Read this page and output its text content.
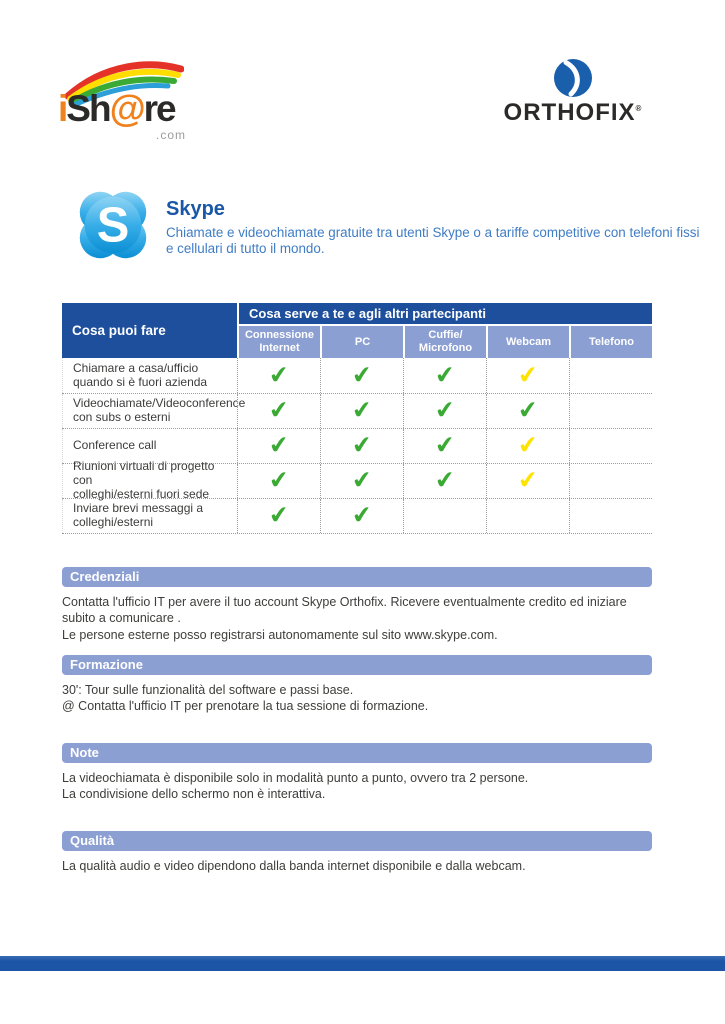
iSh@re
.com
ORTHOFIX®
S Skype
Chiamate e videochiamate gratuite tra utenti Skype o a tariffe competitive con telefoni fissi
e cellulari di tutto il mondo.
Cosa puoi fare
Cosa serve a te e agli altri partecipanti
Connessione
Internet
PC
Cuffie/
Microfono
Webcam	Telefono
Chiamare a casa/ufficio
quando si è fuori azienda
✔
✔
✔
✔
Videochiamate/Videoconference
con subs o esterni
✔
✔
✔
✔
Conference call
✔
✔
✔
✔
Riunioni virtuali di progetto con
colleghi/esterni fuori sede
✔
✔
✔
✔
Inviare brevi messaggi a
colleghi/esterni
✔
✔
Credenziali
Contatta l'ufficio IT per avere il tuo account Skype Orthofix. Ricevere eventualmente credito ed iniziare subito a comunicare .
Le persone esterne posso registrarsi autonomamente sul sito www.skype.com.
Formazione
30': Tour sulle funzionalità del software e passi base.
@ Contatta l'ufficio IT per prenotare la tua sessione di formazione.
Note
La videochiamata è disponibile solo in modalità punto a punto, ovvero tra 2 persone.
La condivisione dello schermo non è interattiva.
Qualità
La qualità audio e video dipendono dalla banda internet disponibile e dalla webcam.
